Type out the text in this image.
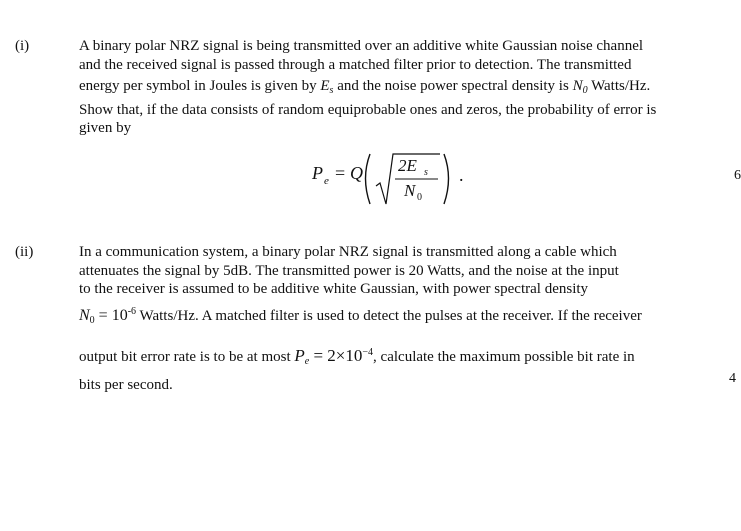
(i)	A binary polar NRZ signal is being transmitted over an additive white Gaussian noise channel

and the received signal is passed through a matched filter prior to detection. The transmitted

energy per symbol in Joules is given by $E_s$ and the noise power spectral density is $N_0$ Watts/Hz.

Show that, if the data consists of random equiprobable ones and zeros, the probability of error is

given by

P e = Q 2E s
N 0
.	6
(ii)	In a communication system, a binary polar NRZ signal is transmitted along a cable which

attenuates the signal by 5dB. The transmitted power is 20 Watts, and the noise at the input

to the receiver is assumed to be additive white Gaussian, with power spectral density

$N_0 = 10^{-6}$ Watts/Hz. A matched filter is used to detect the pulses at the receiver. If the receiver

output bit error rate is to be at most $P_e = 2\times 10^{-4}$, calculate the maximum possible bit rate in

bits per second.	4
